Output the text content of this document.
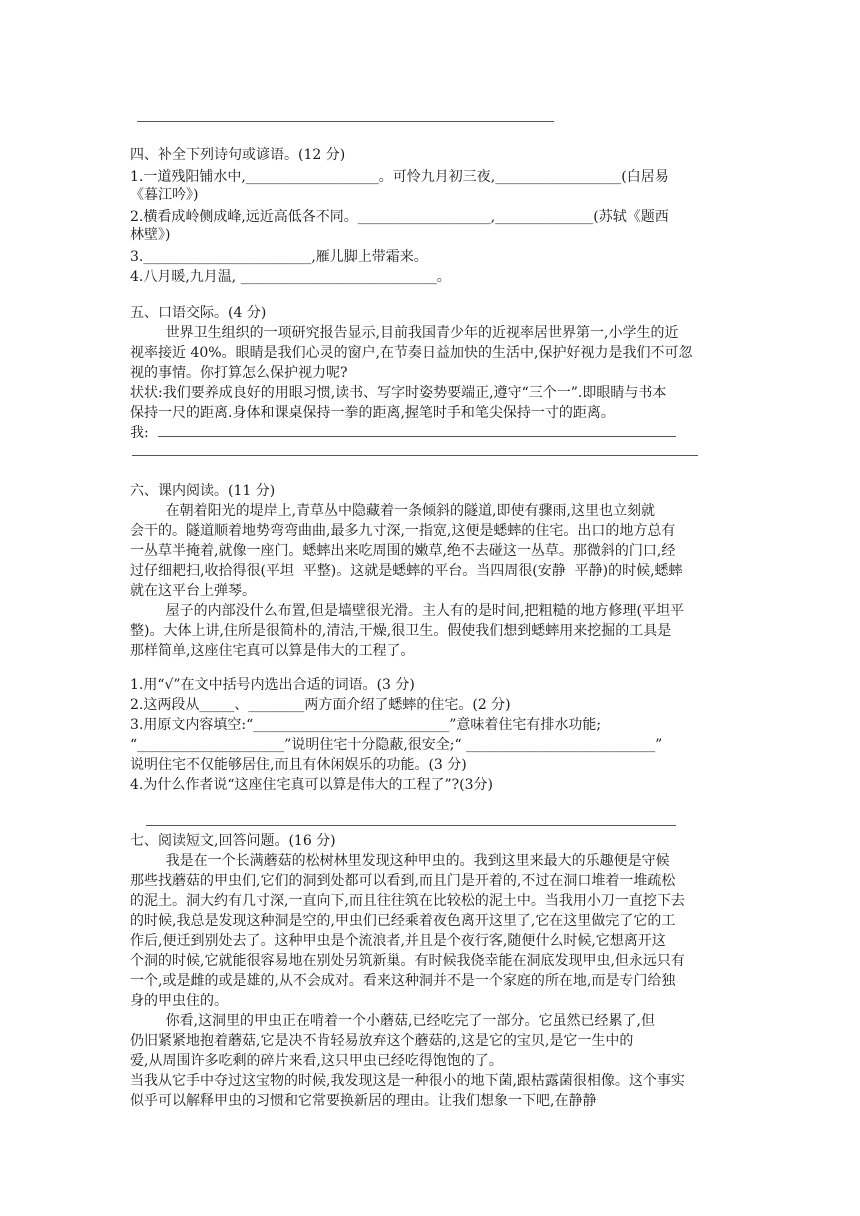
四、补全下列诗句或谚语。(12 分)
1.一道残阳铺水中,___________________。可怜九月初三夜,__________________(白居易
《暮江吟》)
2.横看成岭侧成峰,远近高低各不同。___________________,______________(苏轼《题西
林壁》)
3.________________________,雁儿脚上带霜来。
4.八月暖,九月温, ____________________________。
五、口语交际。(4 分)
世界卫生组织的一项研究报告显示,目前我国青少年的近视率居世界第一,小学生的近
视率接近 40%。眼睛是我们心灵的窗户,在节奏日益加快的生活中,保护好视力是我们不可忽
视的事情。你打算怎么保护视力呢?
状状:我们要养成良好的用眼习惯,读书、写字时姿势要端正,遵守“三个一”.即眼睛与书本
保持一尺的距离.身体和课桌保持一拳的距离,握笔时手和笔尖保持一寸的距离。
我:
六、课内阅读。(11 分)
在朝着阳光的堤岸上,青草丛中隐藏着一条倾斜的隧道,即使有骤雨,这里也立刻就
会干的。隧道顺着地势弯弯曲曲,最多九寸深,一指宽,这便是蟋蟀的住宅。出口的地方总有
一丛草半掩着,就像一座门。蟋蟀出来吃周围的嫩草,绝不去碰这一丛草。那微斜的门口,经
过仔细耙扫,收拾得很(平坦  平整)。这就是蟋蟀的平台。当四周很(安静  平静)的时候,蟋蟀
就在这平台上弹琴。
屋子的内部没什么布置,但是墙壁很光滑。主人有的是时间,把粗糙的地方修理(平坦平
整)。大体上讲,住所是很简朴的,清洁,干燥,很卫生。假使我们想到蟋蟀用来挖掘的工具是
那样简单,这座住宅真可以算是伟大的工程了。
1.用“√”在文中括号内选出合适的词语。(3 分)
2.这两段从_____、________两方面介绍了蟋蟀的住宅。(2 分)
3.用原文内容填空:“____________________________”意味着住宅有排水功能;
“_____________________”说明住宅十分隐蔽,很安全;“ ___________________________”
说明住宅不仅能够居住,而且有休闲娱乐的功能。(3 分)
4.为什么作者说“这座住宅真可以算是伟大的工程了”?(3分)
七、阅读短文,回答问题。(16 分)
我是在一个长满蘑菇的松树林里发现这种甲虫的。我到这里来最大的乐趣便是守候
那些找蘑菇的甲虫们,它们的洞到处都可以看到,而且门是开着的,不过在洞口堆着一堆疏松
的泥土。洞大约有几寸深,一直向下,而且往往筑在比较松的泥土中。当我用小刀一直挖下去
的时候,我总是发现这种洞是空的,甲虫们已经乘着夜色离开这里了,它在这里做完了它的工
作后,便迁到别处去了。这种甲虫是个流浪者,并且是个夜行客,随便什么时候,它想离开这
个洞的时候,它就能很容易地在别处另筑新巢。有时候我侥幸能在洞底发现甲虫,但永远只有
一个,或是雌的或是雄的,从不会成对。看来这种洞并不是一个家庭的所在地,而是专门给独
身的甲虫住的。
你看,这洞里的甲虫正在啃着一个小蘑菇,已经吃完了一部分。它虽然已经累了,但
仍旧紧紧地抱着蘑菇,它是决不肯轻易放弃这个蘑菇的,这是它的宝贝,是它一生中的
爱,从周围许多吃剩的碎片来看,这只甲虫已经吃得饱饱的了。
当我从它手中夺过这宝物的时候,我发现这是一种很小的地下菌,跟枯露菌很相像。这个事实
似乎可以解释甲虫的习惯和它常要换新居的理由。让我们想象一下吧,在静静
